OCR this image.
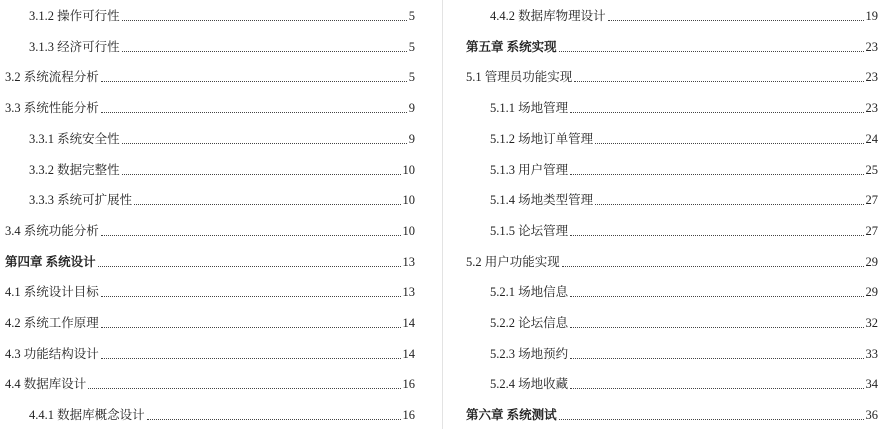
3.1.2 操作可行性	5
3.1.3 经济可行性	5
3.2 系统流程分析	5
3.3 系统性能分析	9
3.3.1 系统安全性	9
3.3.2 数据完整性	10
3.3.3 系统可扩展性	10
3.4 系统功能分析	10
第四章 系统设计	13
4.1 系统设计目标	13
4.2 系统工作原理	14
4.3 功能结构设计	14
4.4 数据库设计	16
4.4.1 数据库概念设计	16
4.4.2 数据库物理设计	19
第五章 系统实现	23
5.1 管理员功能实现	23
5.1.1 场地管理	23
5.1.2 场地订单管理	24
5.1.3 用户管理	25
5.1.4 场地类型管理	27
5.1.5 论坛管理	27
5.2 用户功能实现	29
5.2.1 场地信息	29
5.2.2 论坛信息	32
5.2.3 场地预约	33
5.2.4 场地收藏	34
第六章 系统测试	36
